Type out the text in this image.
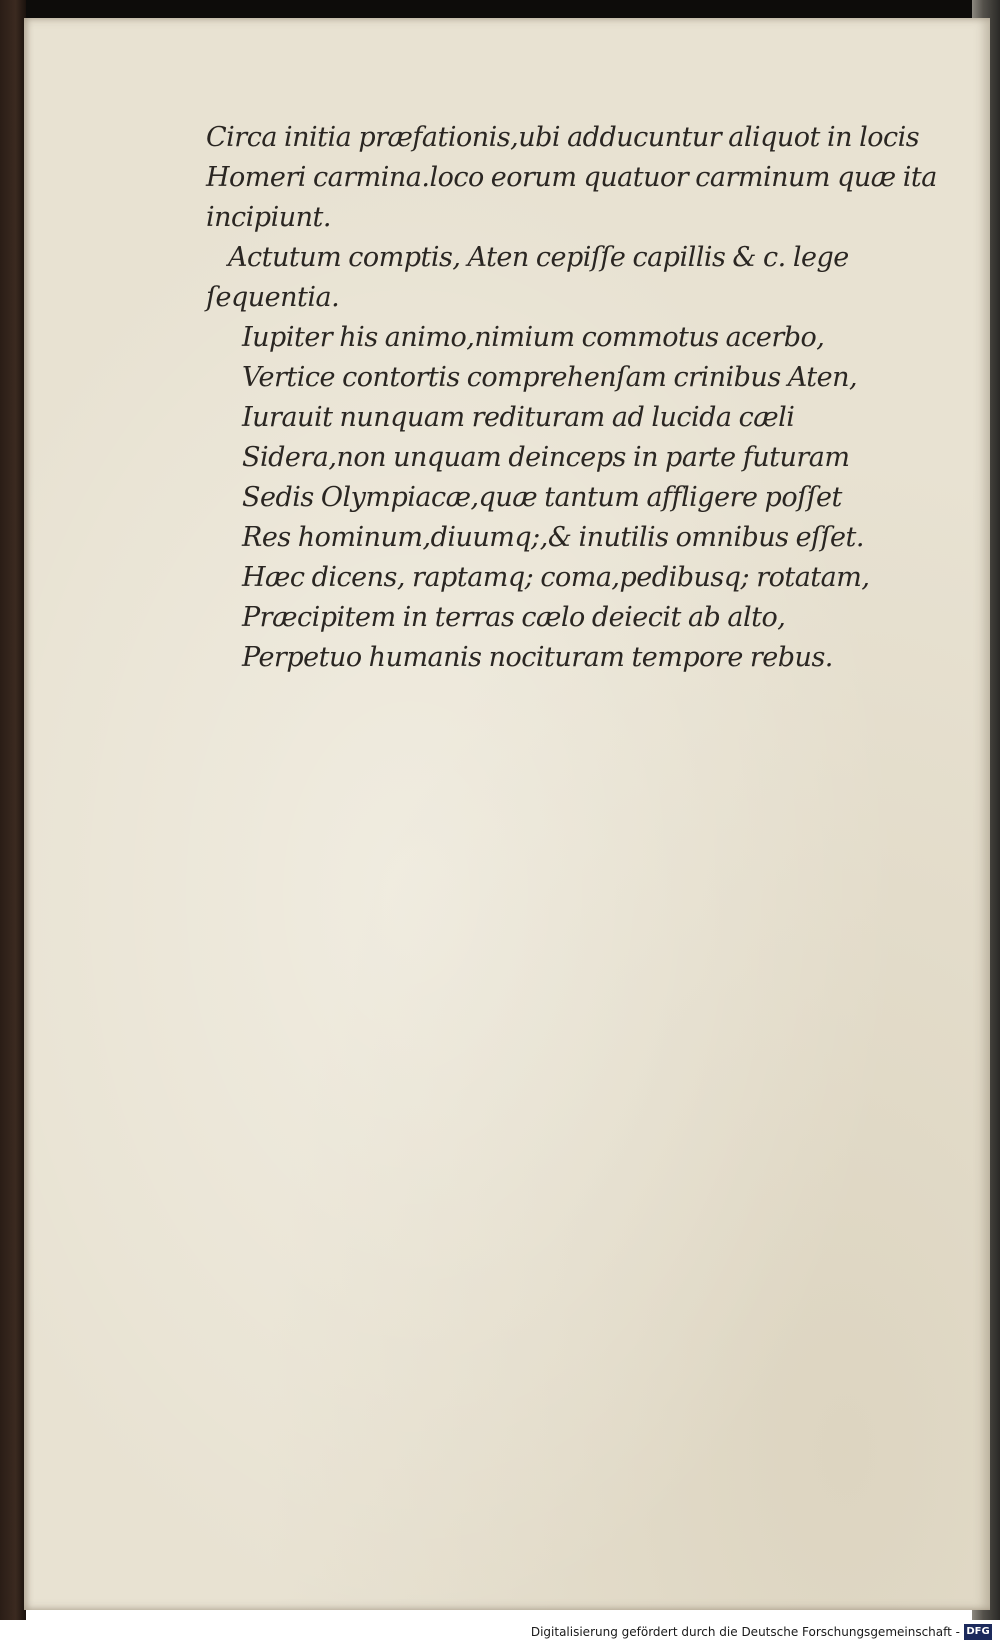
Circa initia præfationis,ubi adducuntur aliquot in locis

Homeri carmina.loco eorum quatuor carminum quæ ita

incipiunt.

Actutum comptis, Aten cepiſſe capillis & c. lege

ſequentia.

Iupiter his animo,nimium commotus acerbo,

Vertice contortis comprehenſam crinibus Aten,

Iurauit nunquam redituram ad lucida cæli

Sidera,non unquam deinceps in parte futuram

Sedis Olympiacæ,quæ tantum affligere poſſet

Res hominum,diuumq;,& inutilis omnibus eſſet.

Hæc dicens, raptamq; coma,pedibusq; rotatam,

Præcipitem in terras cælo deiecit ab alto,

Perpetuo humanis nocituram tempore rebus.

Digitalisierung gefördert durch die Deutsche Forschungsgemeinschaft - DFG
